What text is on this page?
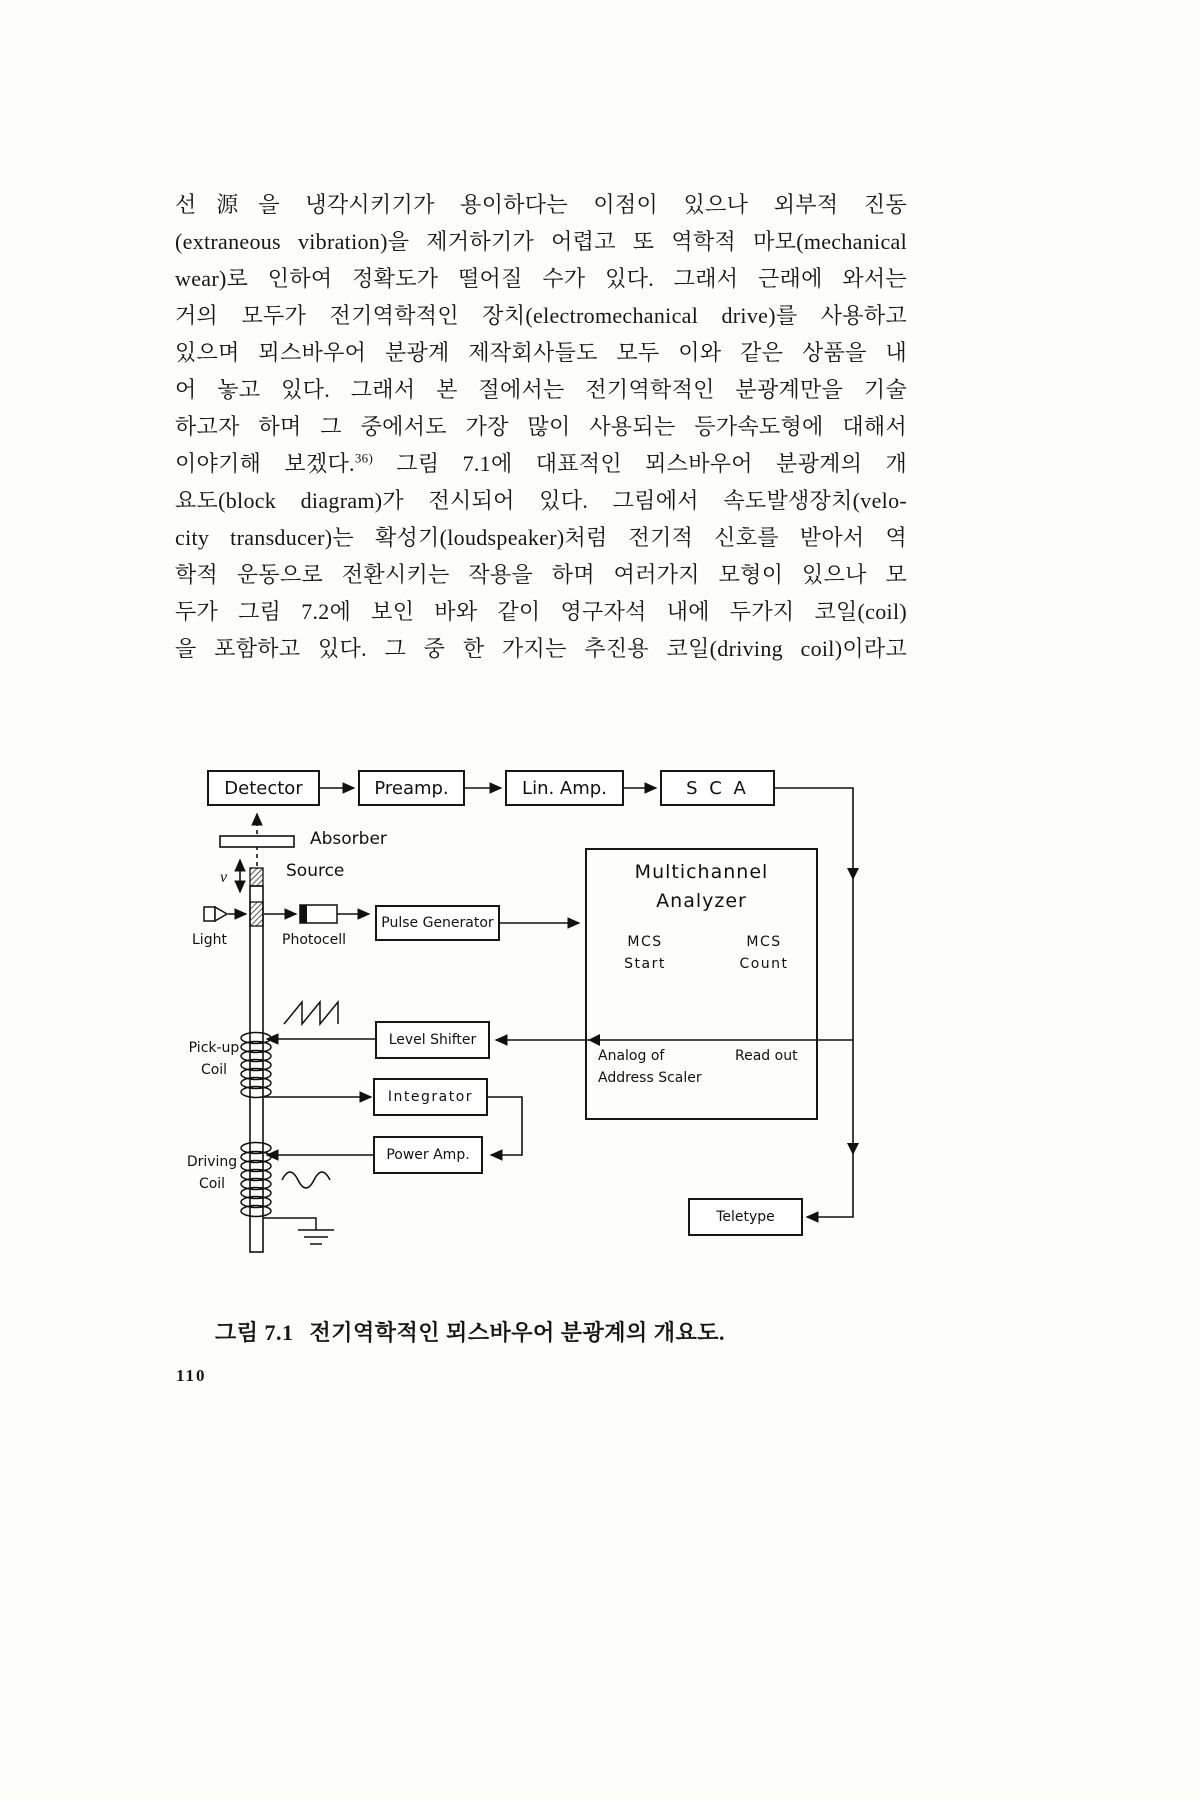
선源을 냉각시키기가 용이하다는 이점이 있으나 외부적 진동
(extraneous vibration)을 제거하기가 어렵고 또 역학적 마모(mechanical
wear)로 인하여 정확도가 떨어질 수가 있다. 그래서 근래에 와서는
거의 모두가 전기역학적인 장치(electromechanical drive)를 사용하고
있으며 뫼스바우어 분광계 제작회사들도 모두 이와 같은 상품을 내
어 놓고 있다. 그래서 본 절에서는 전기역학적인 분광계만을 기술
하고자 하며 그 중에서도 가장 많이 사용되는 등가속도형에 대해서
이야기해 보겠다.$^{36)}$ 그림 7.1에 대표적인 뫼스바우어 분광계의 개
요도(block diagram)가 전시되어 있다. 그림에서 속도발생장치(velo-
city transducer)는 확성기(loudspeaker)처럼 전기적 신호를 받아서 역
학적 운동으로 전환시키는 작용을 하며 여러가지 모형이 있으나 모
두가 그림 7.2에 보인 바와 같이 영구자석 내에 두가지 코일(coil)
을 포함하고 있다. 그 중 한 가지는 추진용 코일(driving coil)이라고
Detector	Preamp.	Lin. Amp.	S C A
Pulse Generator
Level Shifter
Integrator
Power Amp.
Teletype
Multichannel Analyzer
Absorber
Source
v
Light	Photocell	MCS Start
MCS Count
Analog of Address Scaler
Read out
Pick-up Coil
Driving Coil
그림 7.1 전기역학적인 뫼스바우어 분광계의 개요도.
110
